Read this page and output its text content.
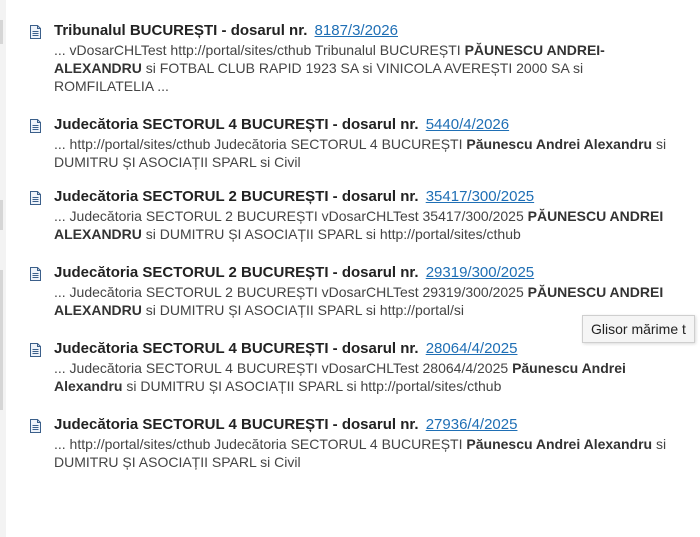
Tribunalul BUCUREȘTI - dosarul nr. 8187/3/2026
... vDosarCHLTest http://portal/sites/cthub Tribunalul BUCUREȘTI PĂUNESCU ANDREI-ALEXANDRU si FOTBAL CLUB RAPID 1923 SA si VINICOLA AVEREȘTI 2000 SA si ROMFILATELIA ...
Judecătoria SECTORUL 4 BUCUREȘTI - dosarul nr. 5440/4/2026
... http://portal/sites/cthub Judecătoria SECTORUL 4 BUCUREȘTI Păunescu Andrei Alexandru si DUMITRU ȘI ASOCIAȚII SPARL si Civil
Judecătoria SECTORUL 2 BUCUREȘTI - dosarul nr. 35417/300/2025
... Judecătoria SECTORUL 2 BUCUREȘTI vDosarCHLTest 35417/300/2025 PĂUNESCU ANDREI ALEXANDRU si DUMITRU ȘI ASOCIAȚII SPARL si http://portal/sites/cthub
Judecătoria SECTORUL 2 BUCUREȘTI - dosarul nr. 29319/300/2025
... Judecătoria SECTORUL 2 BUCUREȘTI vDosarCHLTest 29319/300/2025 PĂUNESCU ANDREI ALEXANDRU si DUMITRU ȘI ASOCIAȚII SPARL si http://portal/si
Judecătoria SECTORUL 4 BUCUREȘTI - dosarul nr. 28064/4/2025
... Judecătoria SECTORUL 4 BUCUREȘTI vDosarCHLTest 28064/4/2025 Păunescu Andrei Alexandru si DUMITRU ȘI ASOCIAȚII SPARL si http://portal/sites/cthub
Judecătoria SECTORUL 4 BUCUREȘTI - dosarul nr. 27936/4/2025
... http://portal/sites/cthub Judecătoria SECTORUL 4 BUCUREȘTI Păunescu Andrei Alexandru si DUMITRU ȘI ASOCIAȚII SPARL si Civil
Glisor mărime t
